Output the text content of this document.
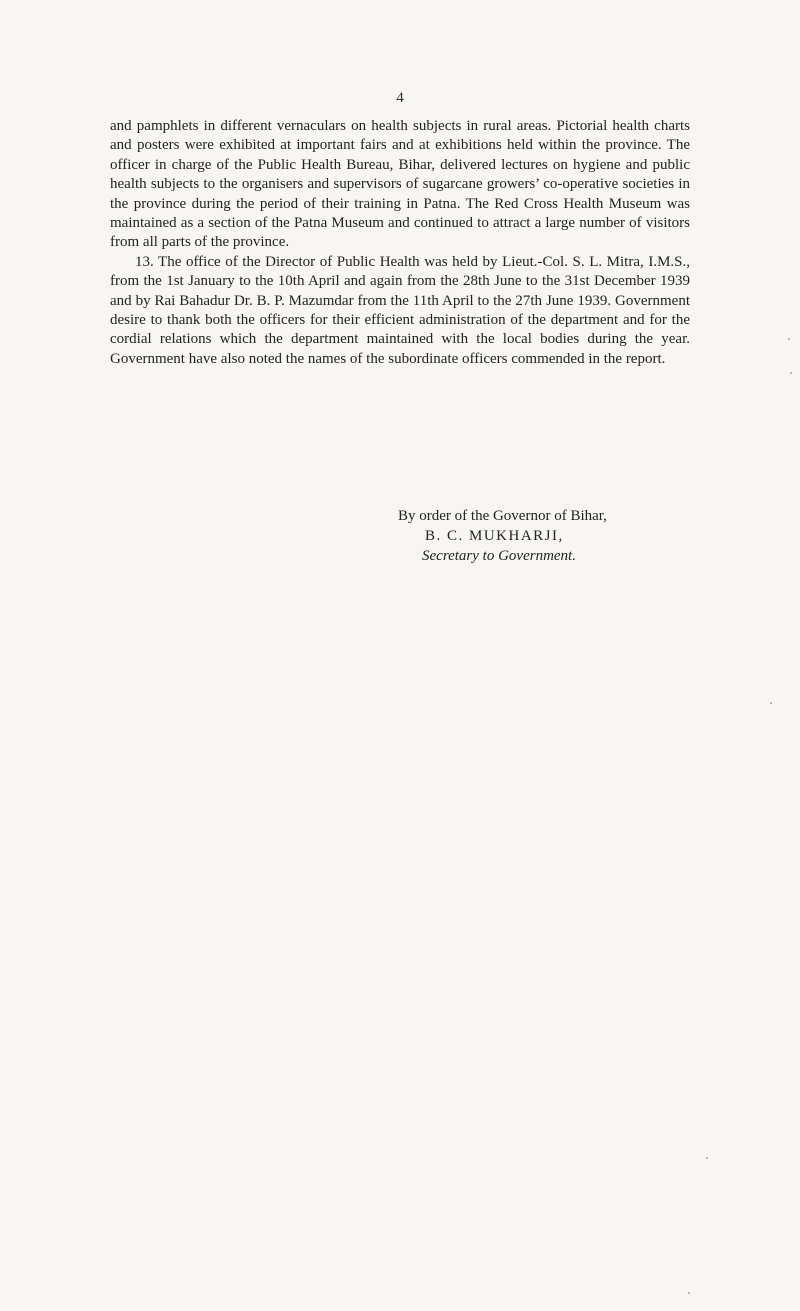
4

and pamphlets in different vernaculars on health subjects in rural areas. Pictorial health charts and posters were exhibited at important fairs and at exhibitions held within the province. The officer in charge of the Public Health Bureau, Bihar, delivered lectures on hygiene and public health subjects to the organisers and supervisors of sugarcane growers’ co-operative societies in the province during the period of their training in Patna. The Red Cross Health Museum was maintained as a section of the Patna Museum and continued to attract a large number of visitors from all parts of the province.

13. The office of the Director of Public Health was held by Lieut.-Col. S. L. Mitra, I.M.S., from the 1st January to the 10th April and again from the 28th June to the 31st December 1939 and by Rai Bahadur Dr. B. P. Mazumdar from the 11th April to the 27th June 1939. Government desire to thank both the officers for their efficient administration of the department and for the cordial relations which the department maintained with the local bodies during the year. Government have also noted the names of the subordinate officers commended in the report.

By order of the Governor of Bihar,
B. C. MUKHARJI,
Secretary to Government.
